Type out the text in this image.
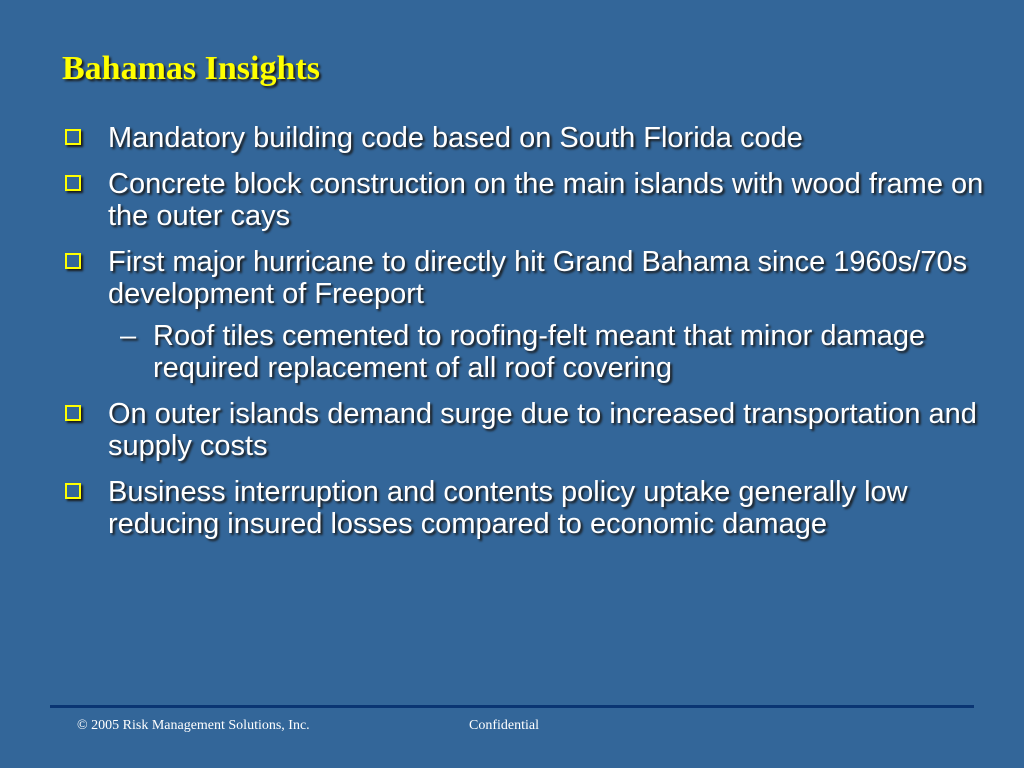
Bahamas Insights
Mandatory building code based on South Florida code
Concrete block construction on the main islands with wood frame on the outer cays
First major hurricane to directly hit Grand Bahama since 1960s/70s development of Freeport
– Roof tiles cemented to roofing-felt meant that minor damage required replacement of all roof covering
On outer islands demand surge due to increased transportation and supply costs
Business interruption and contents policy uptake generally low reducing insured losses compared to economic damage
© 2005 Risk Management Solutions, Inc.	Confidential
